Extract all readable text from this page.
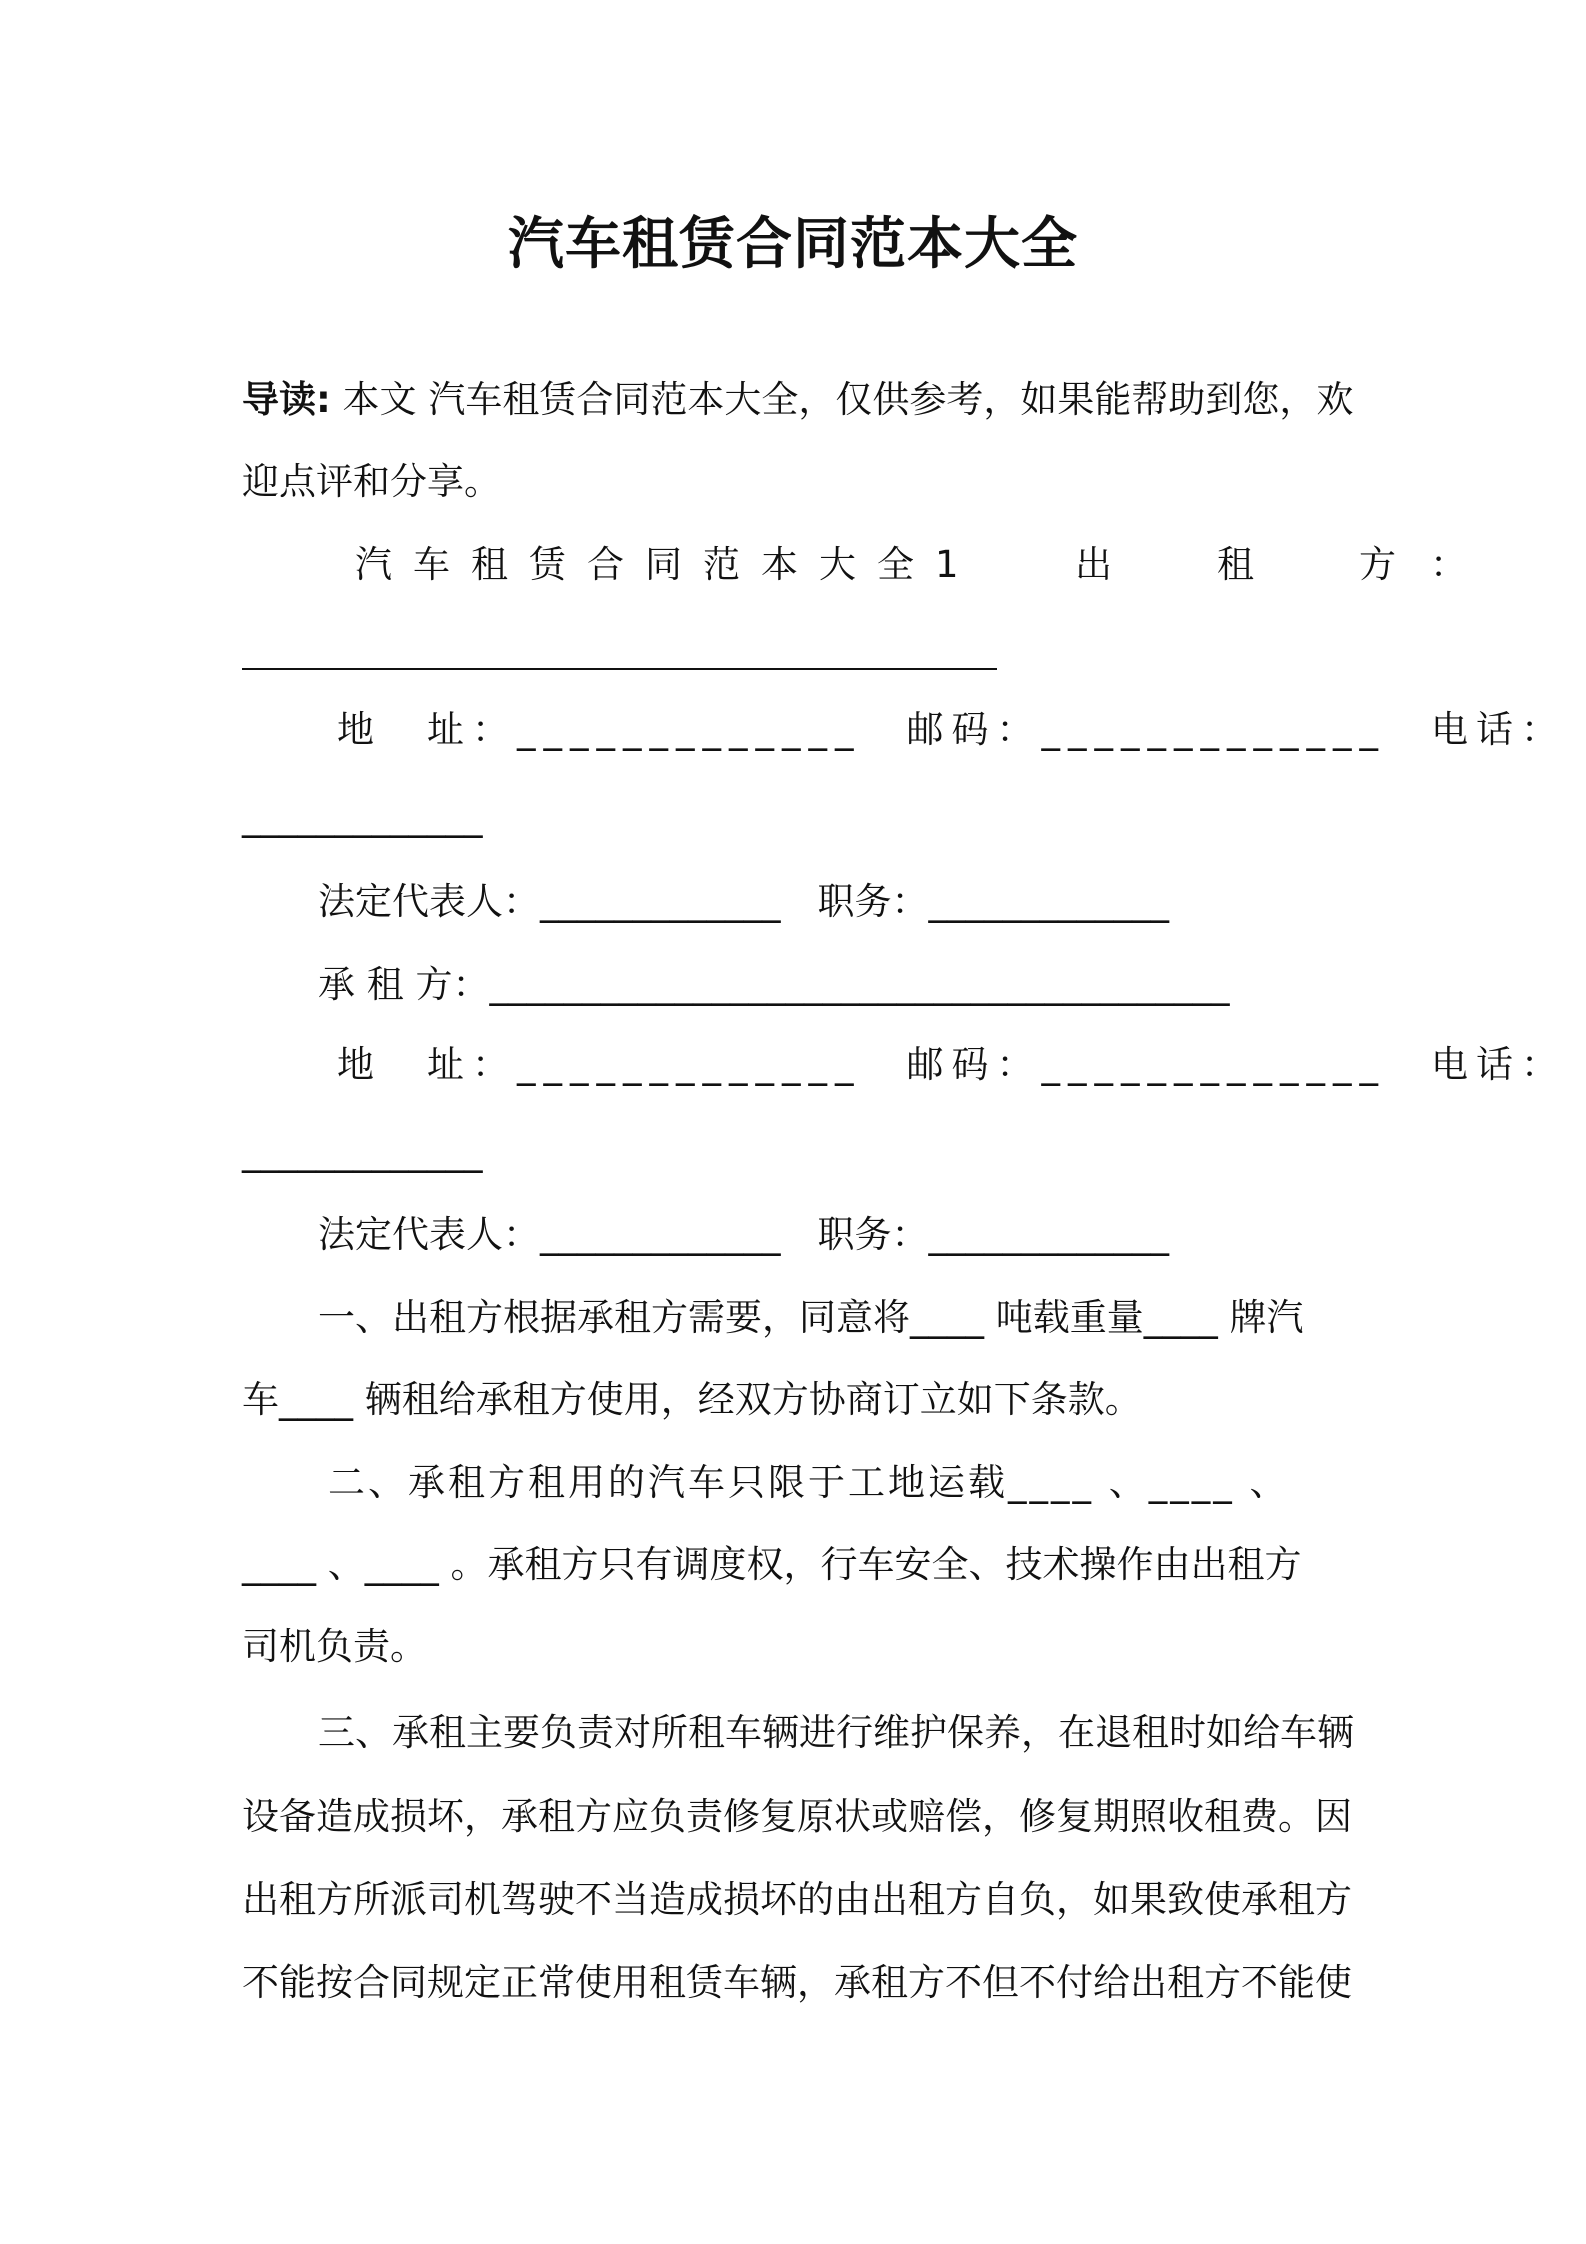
汽车租赁合同范本大全
导读: 本文 汽车租赁合同范本大全，仅供参考，如果能帮助到您，欢
迎点评和分享。
汽车租赁合同范本大全1	出　租　方：
地　址：_____________　邮码：_____________　电话：
_____________
法定代表人：_____________　职务：_____________
承 租 方：________________________________________
地　址：_____________　邮码：_____________　电话：
_____________
法定代表人：_____________　职务：_____________
一、出租方根据承租方需要，同意将____ 吨载重量____ 牌汽
车____ 辆租给承租方使用，经双方协商订立如下条款。
二、承租方租用的汽车只限于工地运载____ 、____ 、
____ 、____ 。承租方只有调度权，行车安全、技术操作由出租方
司机负责。
三、承租主要负责对所租车辆进行维护保养，在退租时如给车辆
设备造成损坏，承租方应负责修复原状或赔偿，修复期照收租费。因
出租方所派司机驾驶不当造成损坏的由出租方自负，如果致使承租方
不能按合同规定正常使用租赁车辆，承租方不但不付给出租方不能使
